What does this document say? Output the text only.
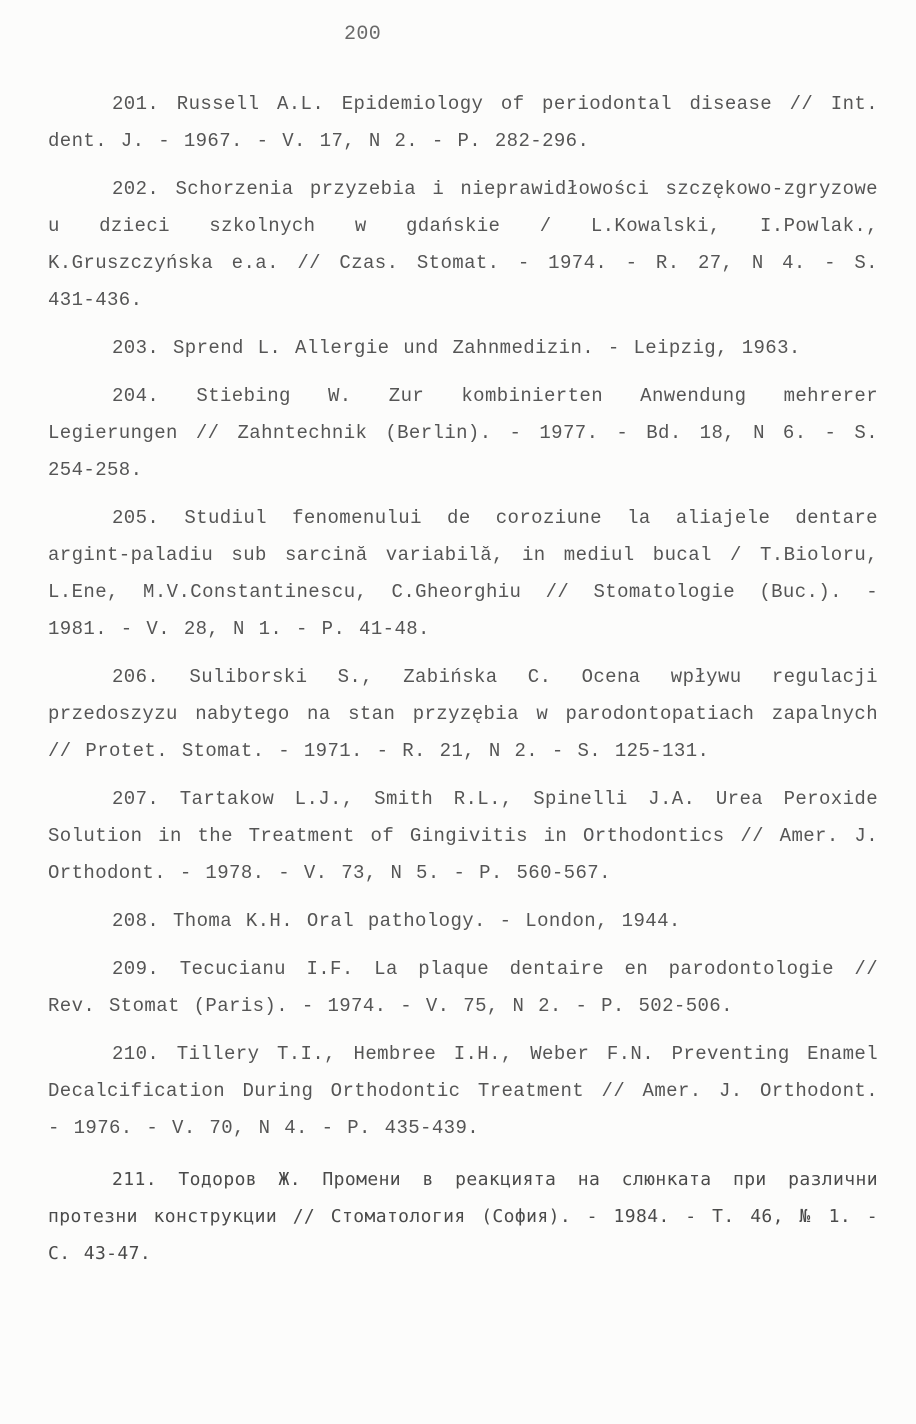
200

201. Russell A.L. Epidemiology of periodontal disease // Int. dent. J. - 1967. - V. 17, N 2. - P. 282-296.

202. Schorzenia przyzebia i nieprawidłowości szczękowo-zgryzowe u dzieci szkolnych w gdańskie / L.Kowalski, I.Powlak., K.Gruszczyńska e.a. // Czas. Stomat. - 1974. - R. 27, N 4. - S. 431-436.

203. Sprend L. Allergie und Zahnmedizin. - Leipzig, 1963.

204. Stiebing W. Zur kombinierten Anwendung mehrerer Legierungen // Zahntechnik (Berlin). - 1977. - Bd. 18, N 6. - S. 254-258.

205. Studiul fenomenului de coroziune la aliajele dentare argint-paladiu sub sarcină variabilă, in mediul bucal / T.Bioloru, L.Ene, M.V.Constantinescu, C.Gheorghiu // Stomatologie (Buc.). - 1981. - V. 28, N 1. - P. 41-48.

206. Suliborski S., Zabińska C. Ocena wpływu regulacji przedoszyzu nabytego na stan przyzębia w parodontopatiach zapalnych // Protet. Stomat. - 1971. - R. 21, N 2. - S. 125-131.

207. Tartakow L.J., Smith R.L., Spinelli J.A. Urea Peroxide Solution in the Treatment of Gingivitis in Orthodontics // Amer. J. Orthodont. - 1978. - V. 73, N 5. - P. 560-567.

208. Thoma K.H. Oral pathology. - London, 1944.

209. Tecucianu I.F. La plaque dentaire en parodontologie // Rev. Stomat (Paris). - 1974. - V. 75, N 2. - P. 502-506.

210. Tillery T.I., Hembree I.H., Weber F.N. Preventing Enamel Decalcification During Orthodontic Treatment // Amer. J. Orthodont. - 1976. - V. 70, N 4. - P. 435-439.

211. Тодоров Ж. Промени в реакцията на слюнката при различни протезни конструкции // Стоматология (София). - 1984. - Т. 46, № 1. - С. 43-47.
